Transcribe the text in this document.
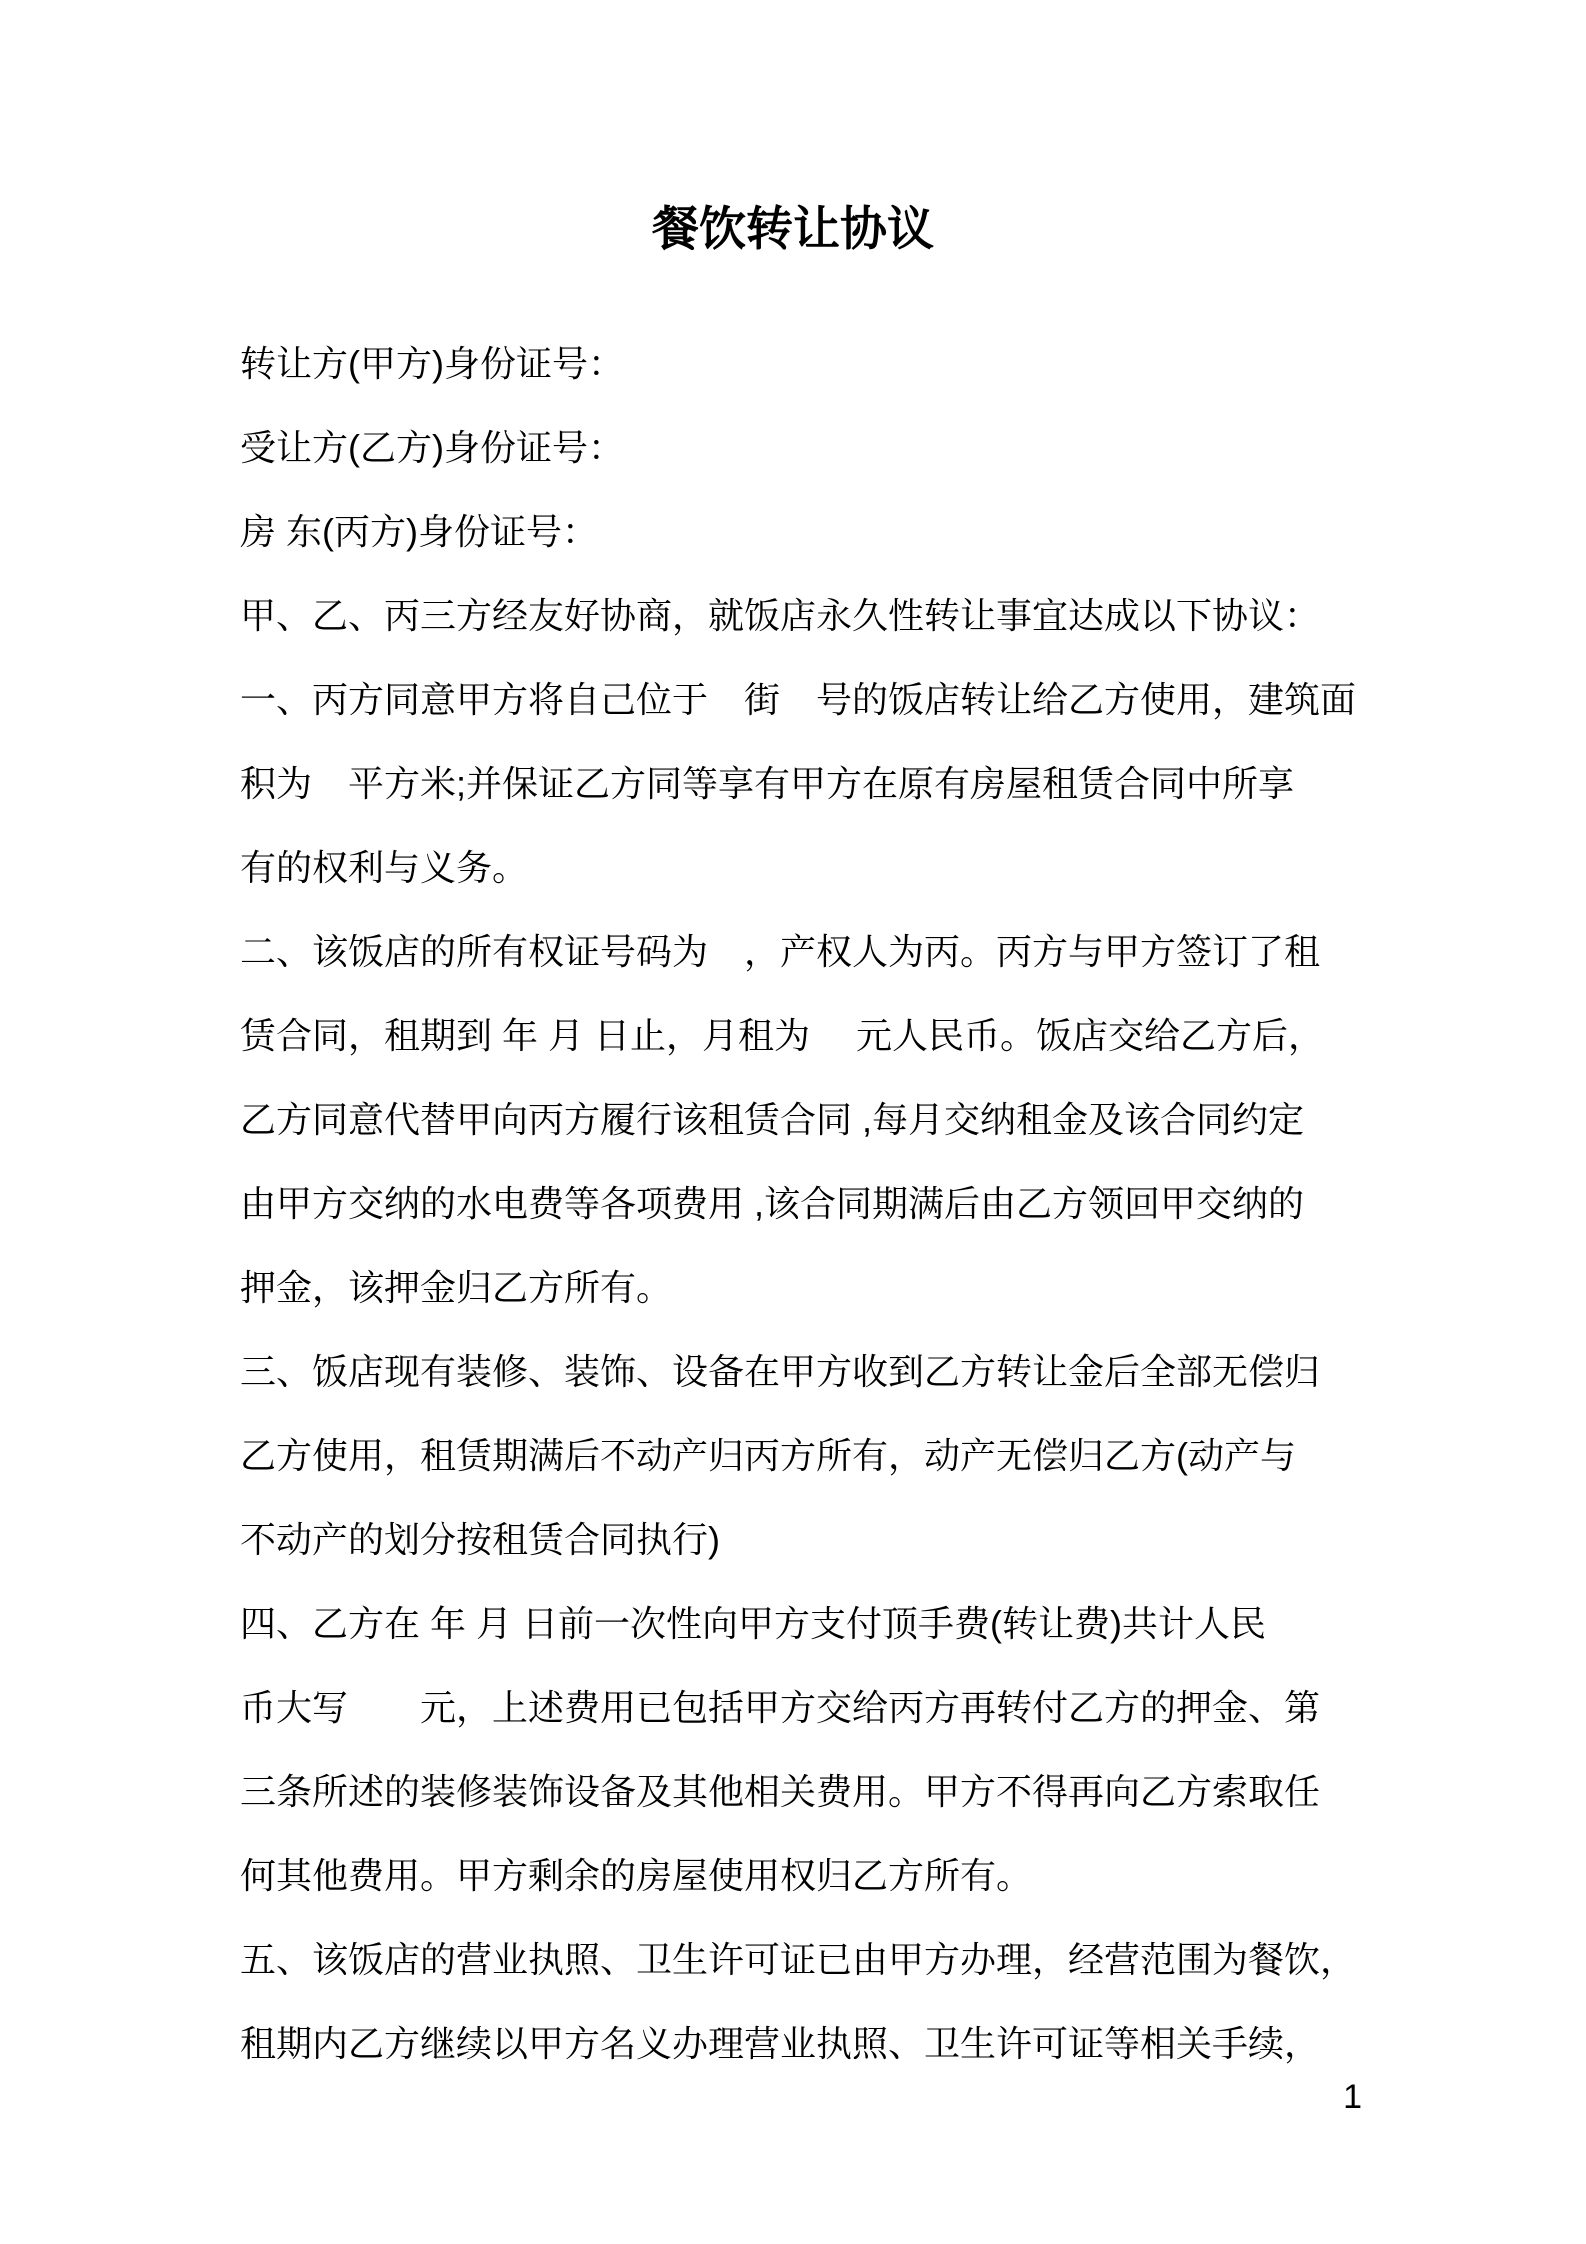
餐饮转让协议
转让方(甲方)身份证号：
受让方(乙方)身份证号：
房 东(丙方)身份证号：
甲、乙、丙三方经友好协商，就饭店永久性转让事宜达成以下协议：
一、丙方同意甲方将自己位于　街　号的饭店转让给乙方使用，建筑面
积为　平方米;并保证乙方同等享有甲方在原有房屋租赁合同中所享
有的权利与义务。
二、该饭店的所有权证号码为　，产权人为丙。丙方与甲方签订了租
赁合同，租期到 年 月 日止，月租为　 元人民币。饭店交给乙方后，
乙方同意代替甲向丙方履行该租赁合同 ,每月交纳租金及该合同约定
由甲方交纳的水电费等各项费用 ,该合同期满后由乙方领回甲交纳的
押金，该押金归乙方所有。
三、饭店现有装修、装饰、设备在甲方收到乙方转让金后全部无偿归
乙方使用，租赁期满后不动产归丙方所有，动产无偿归乙方(动产与
不动产的划分按租赁合同执行)
四、乙方在 年 月 日前一次性向甲方支付顶手费(转让费)共计人民
币大写　　元，上述费用已包括甲方交给丙方再转付乙方的押金、第
三条所述的装修装饰设备及其他相关费用。甲方不得再向乙方索取任
何其他费用。甲方剩余的房屋使用权归乙方所有。
五、该饭店的营业执照、卫生许可证已由甲方办理，经营范围为餐饮，
租期内乙方继续以甲方名义办理营业执照、卫生许可证等相关手续，
1
